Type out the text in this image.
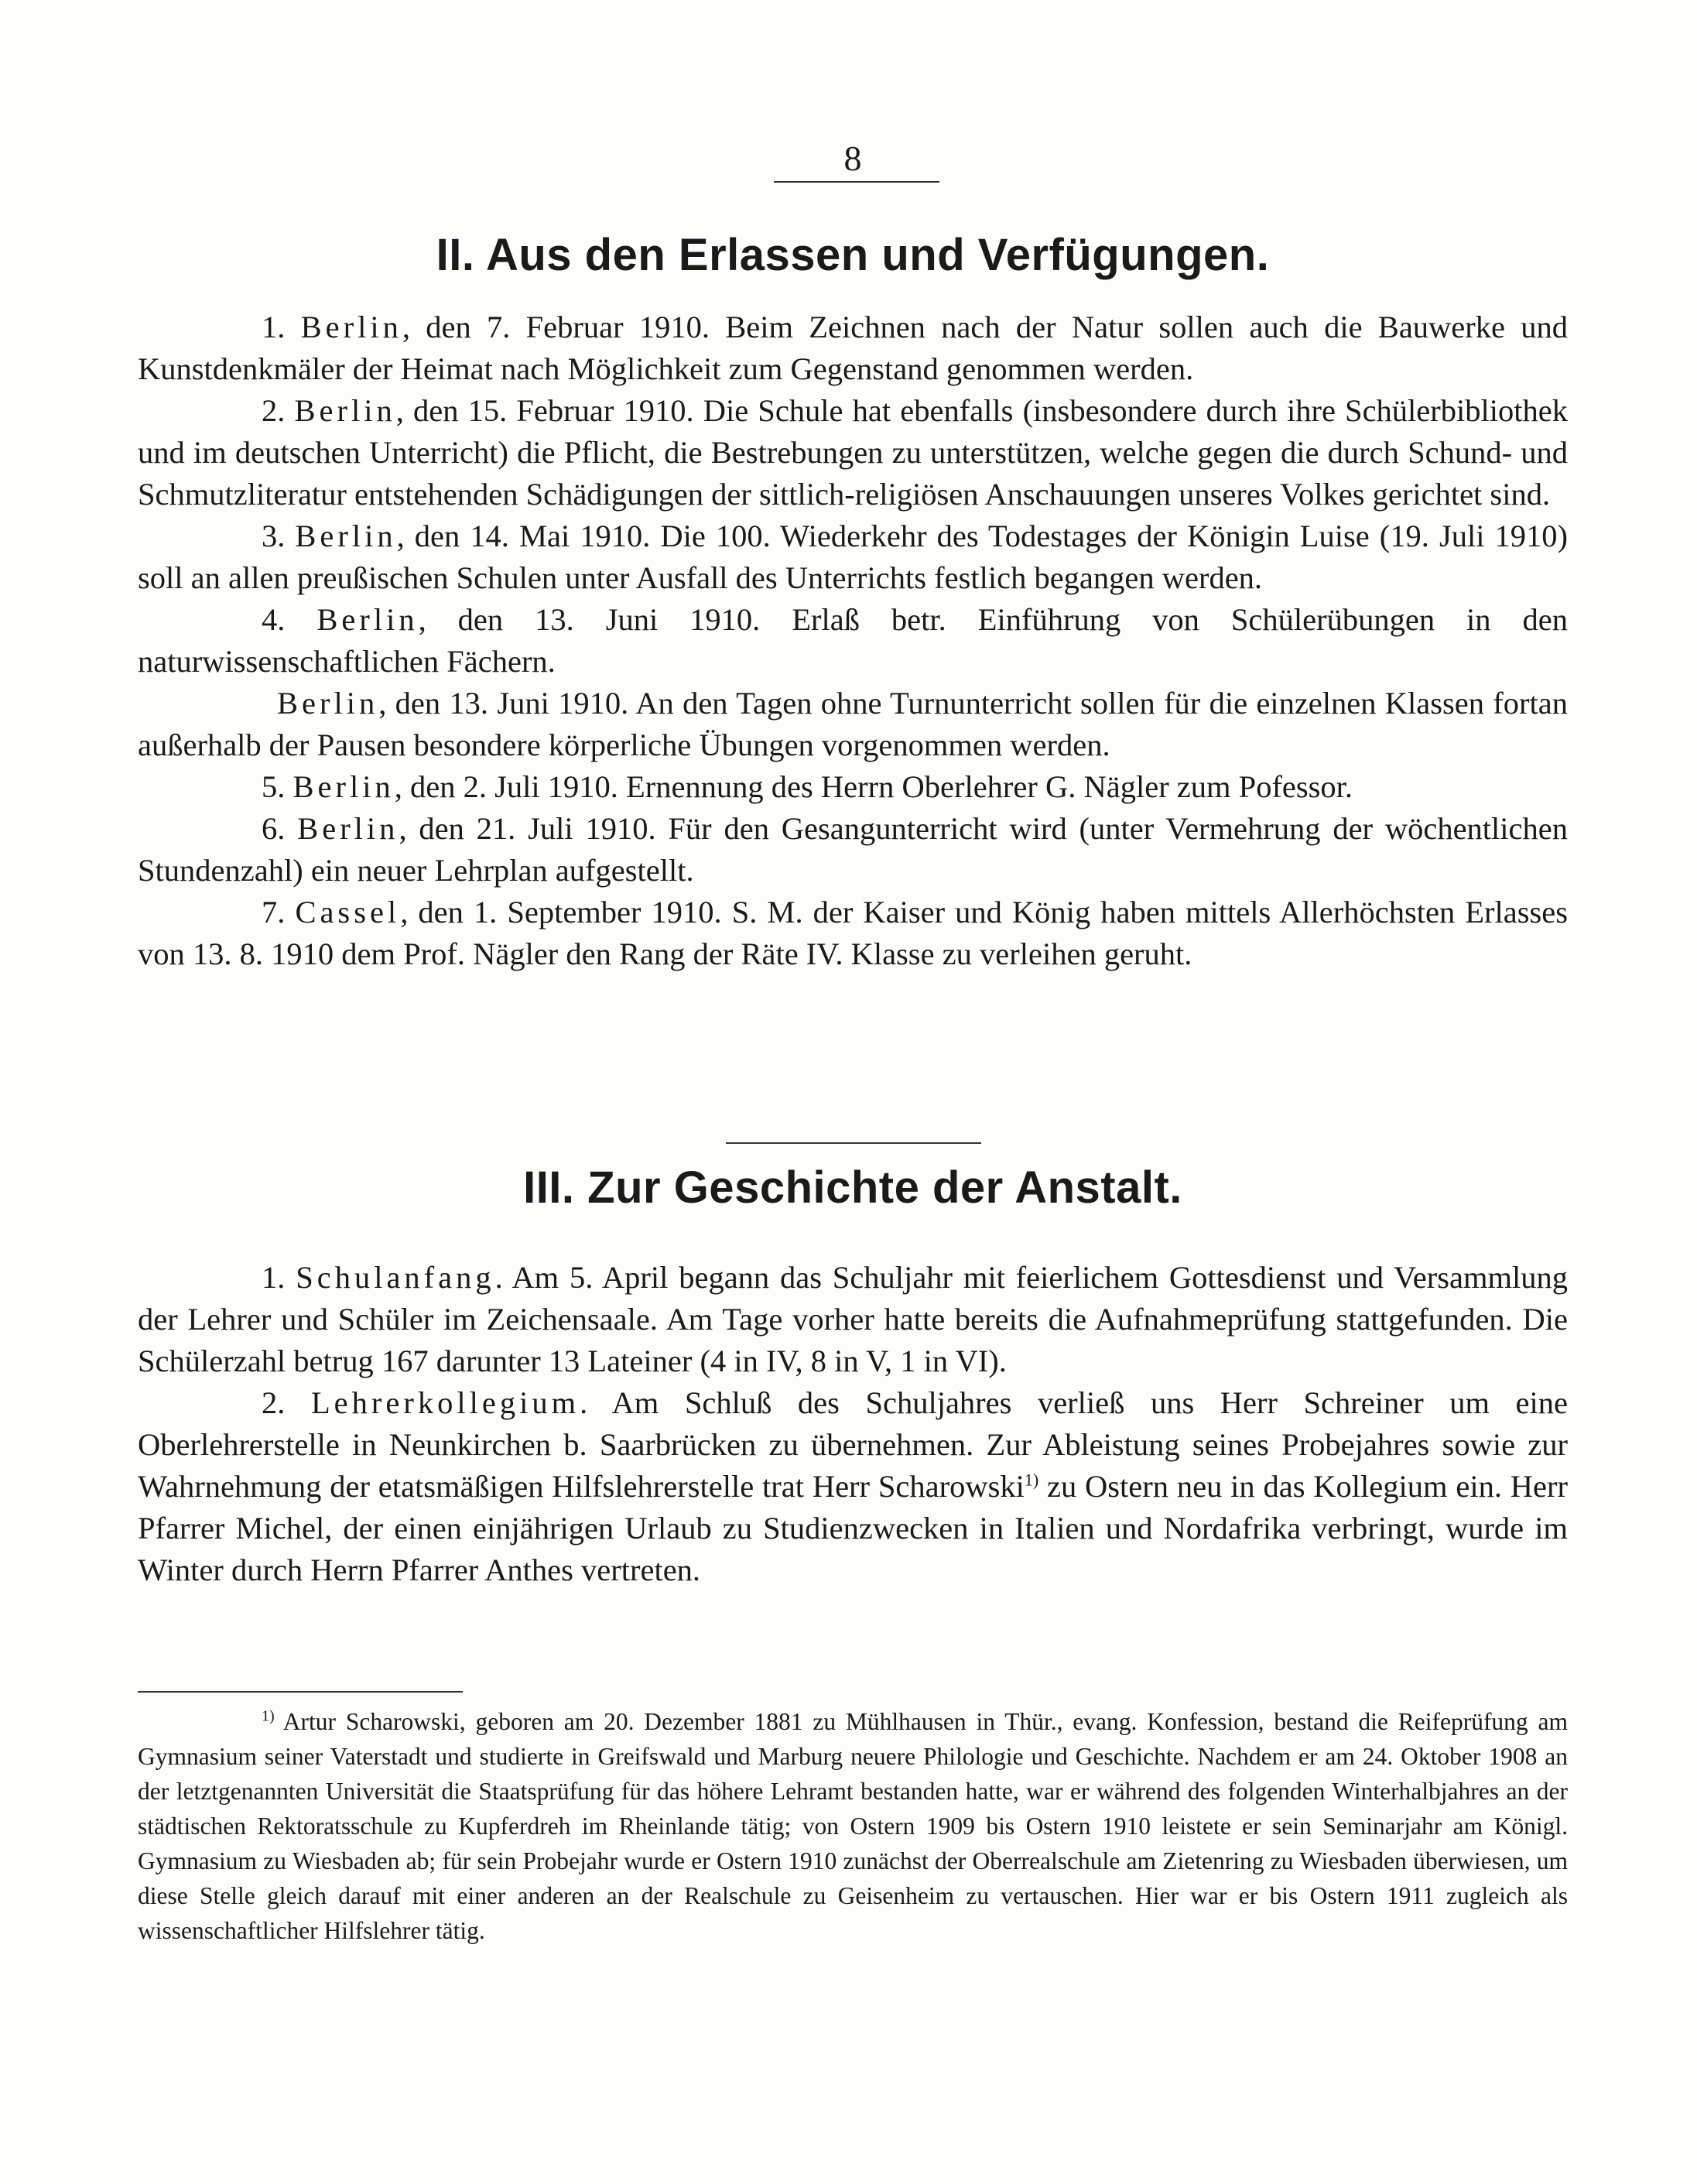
8
II. Aus den Erlassen und Verfügungen.

1. Berlin, den 7. Februar 1910. Beim Zeichnen nach der Natur sollen auch die Bauwerke und Kunstdenkmäler der Heimat nach Möglichkeit zum Gegenstand genommen werden.

2. Berlin, den 15. Februar 1910. Die Schule hat ebenfalls (insbesondere durch ihre Schülerbibliothek und im deutschen Unterricht) die Pflicht, die Bestrebungen zu unterstützen, welche gegen die durch Schund- und Schmutzliteratur entstehenden Schädigungen der sittlich-religiösen Anschauungen unseres Volkes gerichtet sind.

3. Berlin, den 14. Mai 1910. Die 100. Wiederkehr des Todestages der Königin Luise (19. Juli 1910) soll an allen preußischen Schulen unter Ausfall des Unterrichts festlich begangen werden.

4. Berlin, den 13. Juni 1910. Erlaß betr. Einführung von Schülerübungen in den naturwissenschaftlichen Fächern.

Berlin, den 13. Juni 1910. An den Tagen ohne Turnunterricht sollen für die einzelnen Klassen fortan außerhalb der Pausen besondere körperliche Übungen vorgenommen werden.

5. Berlin, den 2. Juli 1910. Ernennung des Herrn Oberlehrer G. Nägler zum Pofessor.

6. Berlin, den 21. Juli 1910. Für den Gesangunterricht wird (unter Vermehrung der wöchentlichen Stundenzahl) ein neuer Lehrplan aufgestellt.

7. Cassel, den 1. September 1910. S. M. der Kaiser und König haben mittels Allerhöchsten Erlasses von 13. 8. 1910 dem Prof. Nägler den Rang der Räte IV. Klasse zu verleihen geruht.

III. Zur Geschichte der Anstalt.

1. Schulanfang. Am 5. April begann das Schuljahr mit feierlichem Gottesdienst und Versammlung der Lehrer und Schüler im Zeichensaale. Am Tage vorher hatte bereits die Aufnahmeprüfung stattgefunden. Die Schülerzahl betrug 167 darunter 13 Lateiner (4 in IV, 8 in V, 1 in VI).

2. Lehrerkollegium. Am Schluß des Schuljahres verließ uns Herr Schreiner um eine Oberlehrerstelle in Neunkirchen b. Saarbrücken zu übernehmen. Zur Ableistung seines Probejahres sowie zur Wahrnehmung der etatsmäßigen Hilfslehrerstelle trat Herr Scharowski$^{1)}$ zu Ostern neu in das Kollegium ein. Herr Pfarrer Michel, der einen einjährigen Urlaub zu Studienzwecken in Italien und Nordafrika verbringt, wurde im Winter durch Herrn Pfarrer Anthes vertreten.

$^{1)}$ Artur Scharowski, geboren am 20. Dezember 1881 zu Mühlhausen in Thür., evang. Konfession, bestand die Reifeprüfung am Gymnasium seiner Vaterstadt und studierte in Greifswald und Marburg neuere Philologie und Geschichte. Nachdem er am 24. Oktober 1908 an der letztgenannten Universität die Staatsprüfung für das höhere Lehramt bestanden hatte, war er während des folgenden Winterhalbjahres an der städtischen Rektoratsschule zu Kupferdreh im Rheinlande tätig; von Ostern 1909 bis Ostern 1910 leistete er sein Seminarjahr am Königl. Gymnasium zu Wiesbaden ab; für sein Probejahr wurde er Ostern 1910 zunächst der Oberrealschule am Zietenring zu Wiesbaden überwiesen, um diese Stelle gleich darauf mit einer anderen an der Realschule zu Geisenheim zu vertauschen. Hier war er bis Ostern 1911 zugleich als wissenschaftlicher Hilfslehrer tätig.
